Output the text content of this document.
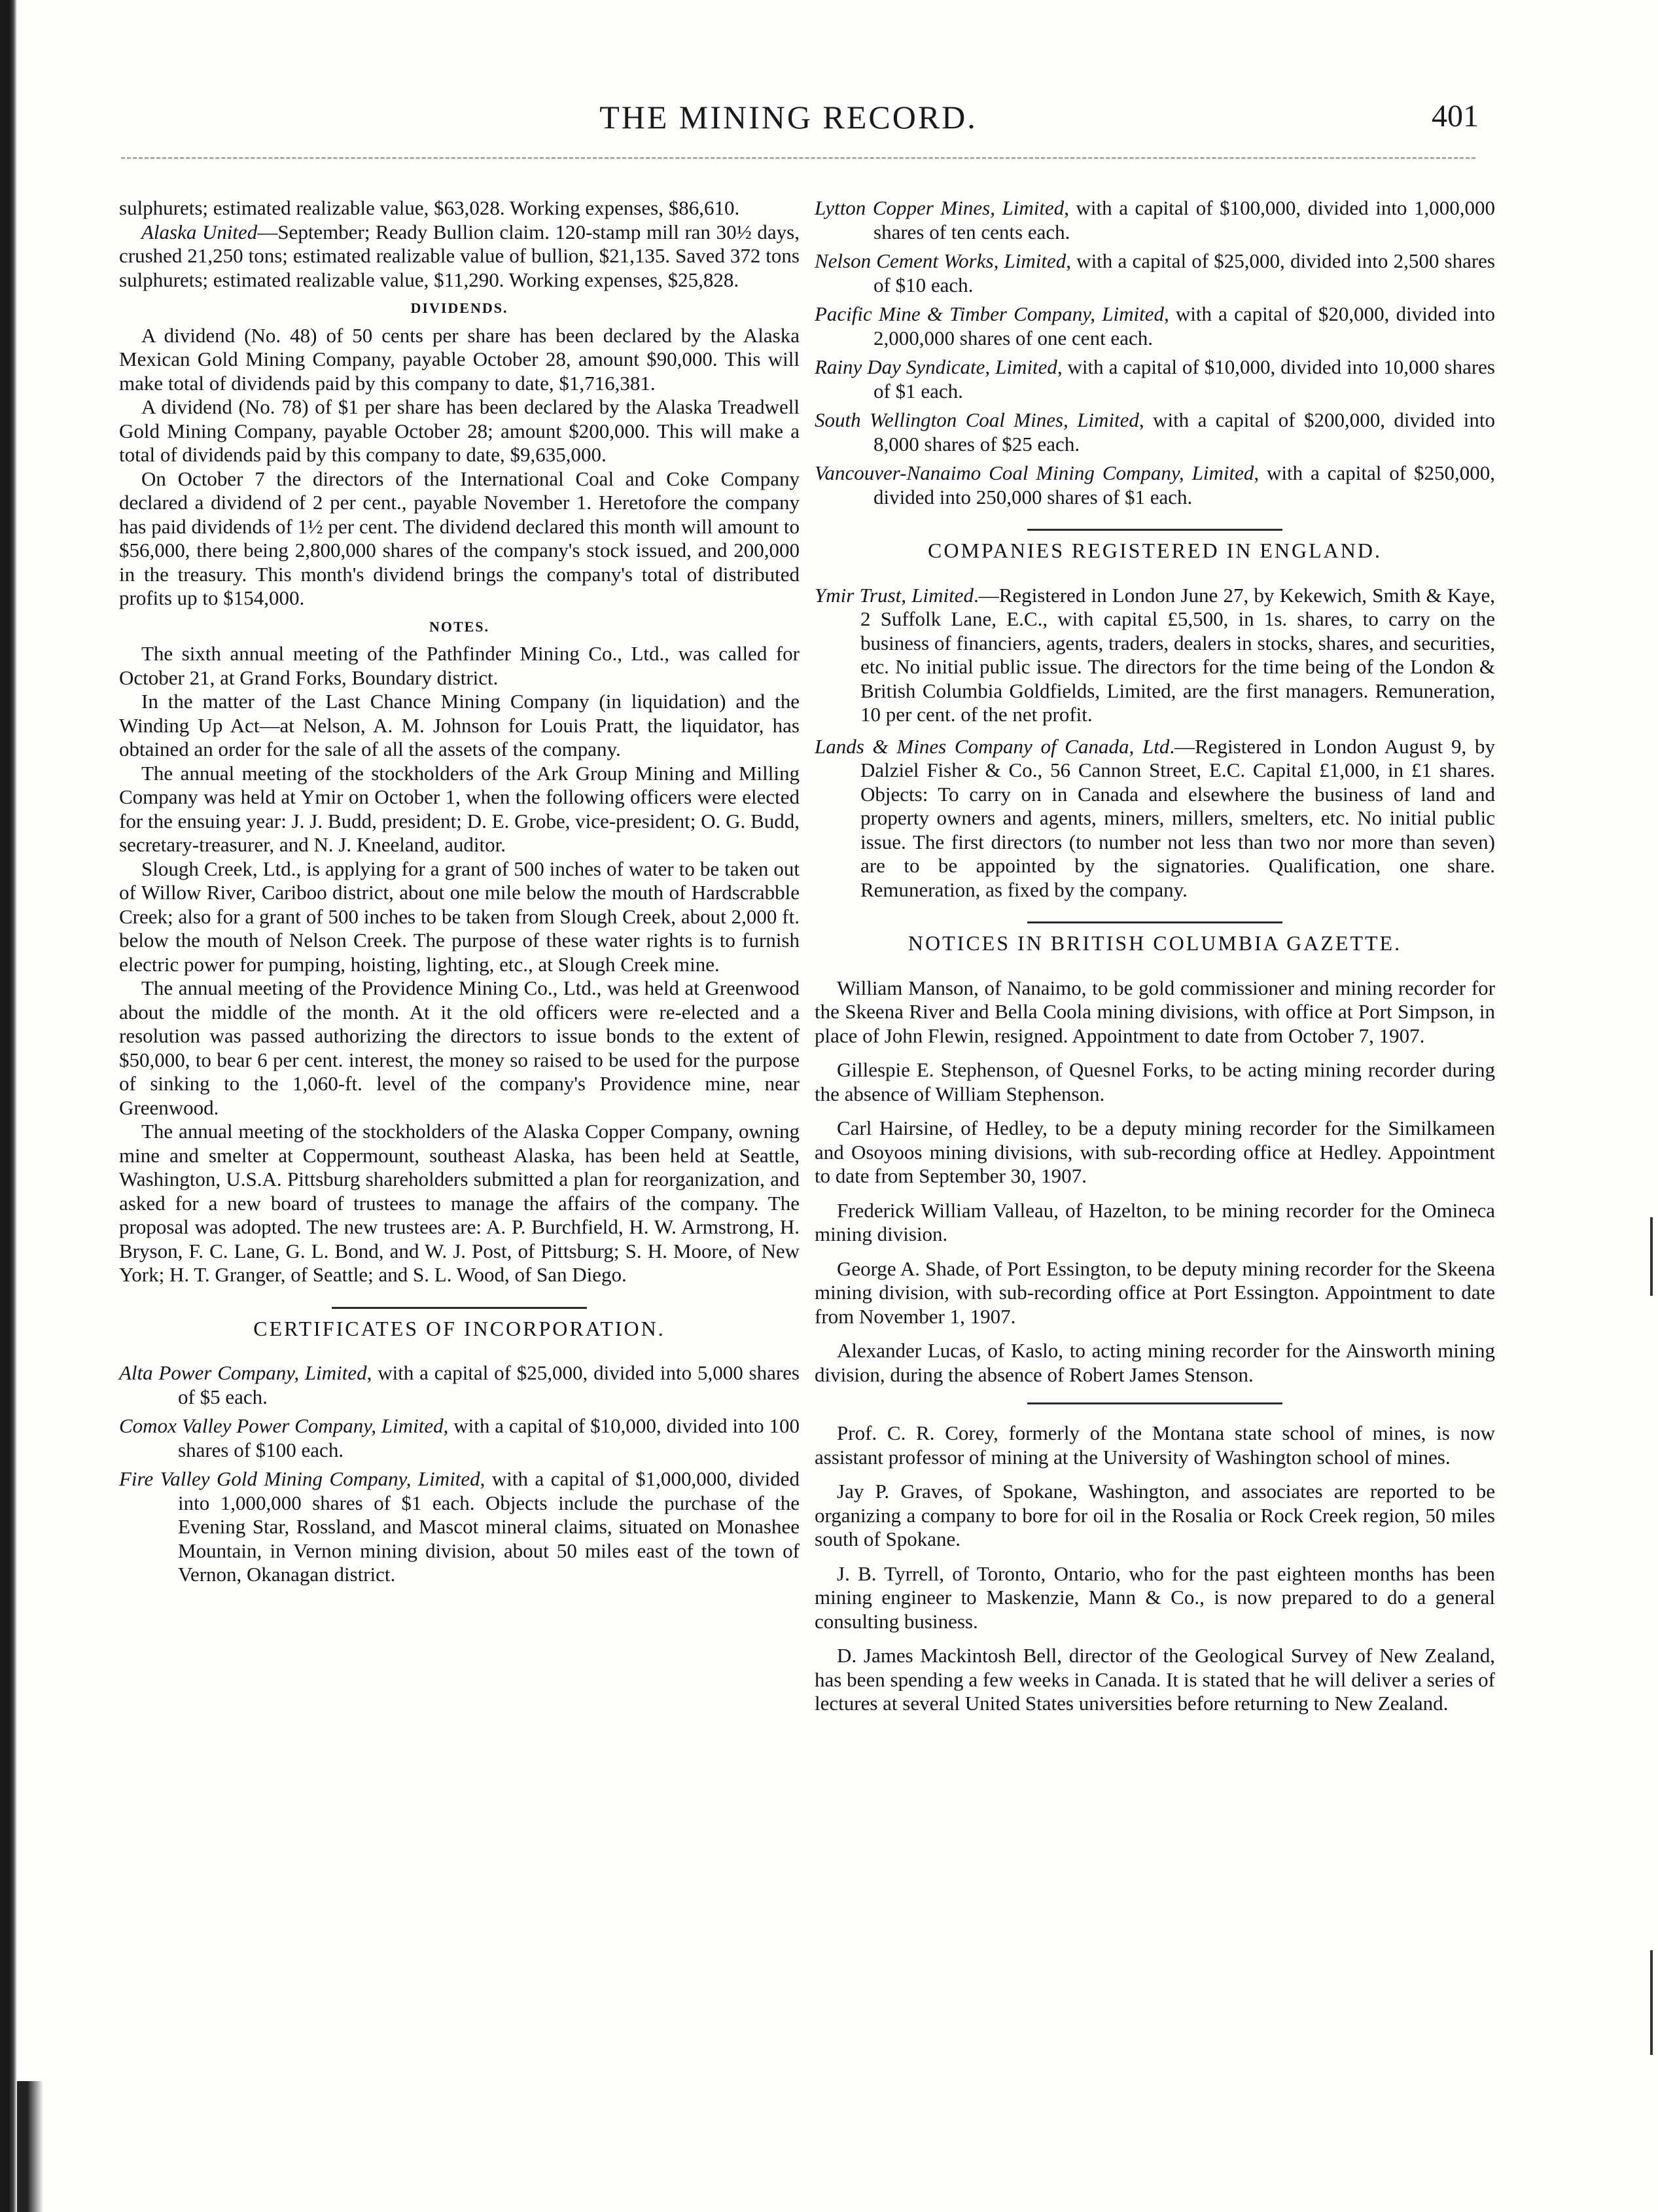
THE MINING RECORD.	401

sulphurets; estimated realizable value, $63,028. Working expenses, $86,610.

Alaska United—September; Ready Bullion claim. 120-stamp mill ran 30½ days, crushed 21,250 tons; estimated realizable value of bullion, $21,135. Saved 372 tons sulphurets; estimated realizable value, $11,290. Working expenses, $25,828.

DIVIDENDS.

A dividend (No. 48) of 50 cents per share has been declared by the Alaska Mexican Gold Mining Company, payable October 28, amount $90,000. This will make total of dividends paid by this company to date, $1,716,381.

A dividend (No. 78) of $1 per share has been declared by the Alaska Treadwell Gold Mining Company, payable October 28; amount $200,000. This will make a total of dividends paid by this company to date, $9,635,000.

On October 7 the directors of the International Coal and Coke Company declared a dividend of 2 per cent., payable November 1. Heretofore the company has paid dividends of 1½ per cent. The dividend declared this month will amount to $56,000, there being 2,800,000 shares of the company's stock issued, and 200,000 in the treasury. This month's dividend brings the company's total of distributed profits up to $154,000.

NOTES.

The sixth annual meeting of the Pathfinder Mining Co., Ltd., was called for October 21, at Grand Forks, Boundary district.

In the matter of the Last Chance Mining Company (in liquidation) and the Winding Up Act—at Nelson, A. M. Johnson for Louis Pratt, the liquidator, has obtained an order for the sale of all the assets of the company.

The annual meeting of the stockholders of the Ark Group Mining and Milling Company was held at Ymir on October 1, when the following officers were elected for the ensuing year: J. J. Budd, president; D. E. Grobe, vice-president; O. G. Budd, secretary-treasurer, and N. J. Kneeland, auditor.

Slough Creek, Ltd., is applying for a grant of 500 inches of water to be taken out of Willow River, Cariboo district, about one mile below the mouth of Hardscrabble Creek; also for a grant of 500 inches to be taken from Slough Creek, about 2,000 ft. below the mouth of Nelson Creek. The purpose of these water rights is to furnish electric power for pumping, hoisting, lighting, etc., at Slough Creek mine.

The annual meeting of the Providence Mining Co., Ltd., was held at Greenwood about the middle of the month. At it the old officers were re-elected and a resolution was passed authorizing the directors to issue bonds to the extent of $50,000, to bear 6 per cent. interest, the money so raised to be used for the purpose of sinking to the 1,060-ft. level of the company's Providence mine, near Greenwood.

The annual meeting of the stockholders of the Alaska Copper Company, owning mine and smelter at Coppermount, southeast Alaska, has been held at Seattle, Washington, U.S.A. Pittsburg shareholders submitted a plan for reorganization, and asked for a new board of trustees to manage the affairs of the company. The proposal was adopted. The new trustees are: A. P. Burchfield, H. W. Armstrong, H. Bryson, F. C. Lane, G. L. Bond, and W. J. Post, of Pittsburg; S. H. Moore, of New York; H. T. Granger, of Seattle; and S. L. Wood, of San Diego.

CERTIFICATES OF INCORPORATION.

Alta Power Company, Limited, with a capital of $25,000, divided into 5,000 shares of $5 each.

Comox Valley Power Company, Limited, with a capital of $10,000, divided into 100 shares of $100 each.

Fire Valley Gold Mining Company, Limited, with a capital of $1,000,000, divided into 1,000,000 shares of $1 each. Objects include the purchase of the Evening Star, Rossland, and Mascot mineral claims, situated on Monashee Mountain, in Vernon mining division, about 50 miles east of the town of Vernon, Okanagan district.

Lytton Copper Mines, Limited, with a capital of $100,000, divided into 1,000,000 shares of ten cents each.

Nelson Cement Works, Limited, with a capital of $25,000, divided into 2,500 shares of $10 each.

Pacific Mine & Timber Company, Limited, with a capital of $20,000, divided into 2,000,000 shares of one cent each.

Rainy Day Syndicate, Limited, with a capital of $10,000, divided into 10,000 shares of $1 each.

South Wellington Coal Mines, Limited, with a capital of $200,000, divided into 8,000 shares of $25 each.

Vancouver-Nanaimo Coal Mining Company, Limited, with a capital of $250,000, divided into 250,000 shares of $1 each.

COMPANIES REGISTERED IN ENGLAND.

Ymir Trust, Limited.—Registered in London June 27, by Kekewich, Smith & Kaye, 2 Suffolk Lane, E.C., with capital £5,500, in 1s. shares, to carry on the business of financiers, agents, traders, dealers in stocks, shares, and securities, etc. No initial public issue. The directors for the time being of the London & British Columbia Goldfields, Limited, are the first managers. Remuneration, 10 per cent. of the net profit.

Lands & Mines Company of Canada, Ltd.—Registered in London August 9, by Dalziel Fisher & Co., 56 Cannon Street, E.C. Capital £1,000, in £1 shares. Objects: To carry on in Canada and elsewhere the business of land and property owners and agents, miners, millers, smelters, etc. No initial public issue. The first directors (to number not less than two nor more than seven) are to be appointed by the signatories. Qualification, one share. Remuneration, as fixed by the company.

NOTICES IN BRITISH COLUMBIA GAZETTE.

William Manson, of Nanaimo, to be gold commissioner and mining recorder for the Skeena River and Bella Coola mining divisions, with office at Port Simpson, in place of John Flewin, resigned. Appointment to date from October 7, 1907.

Gillespie E. Stephenson, of Quesnel Forks, to be acting mining recorder during the absence of William Stephenson.

Carl Hairsine, of Hedley, to be a deputy mining recorder for the Similkameen and Osoyoos mining divisions, with sub-recording office at Hedley. Appointment to date from September 30, 1907.

Frederick William Valleau, of Hazelton, to be mining recorder for the Omineca mining division.

George A. Shade, of Port Essington, to be deputy mining recorder for the Skeena mining division, with sub-recording office at Port Essington. Appointment to date from November 1, 1907.

Alexander Lucas, of Kaslo, to acting mining recorder for the Ainsworth mining division, during the absence of Robert James Stenson.

Prof. C. R. Corey, formerly of the Montana state school of mines, is now assistant professor of mining at the University of Washington school of mines.

Jay P. Graves, of Spokane, Washington, and associates are reported to be organizing a company to bore for oil in the Rosalia or Rock Creek region, 50 miles south of Spokane.

J. B. Tyrrell, of Toronto, Ontario, who for the past eighteen months has been mining engineer to Maskenzie, Mann & Co., is now prepared to do a general consulting business.

D. James Mackintosh Bell, director of the Geological Survey of New Zealand, has been spending a few weeks in Canada. It is stated that he will deliver a series of lectures at several United States universities before returning to New Zealand.
